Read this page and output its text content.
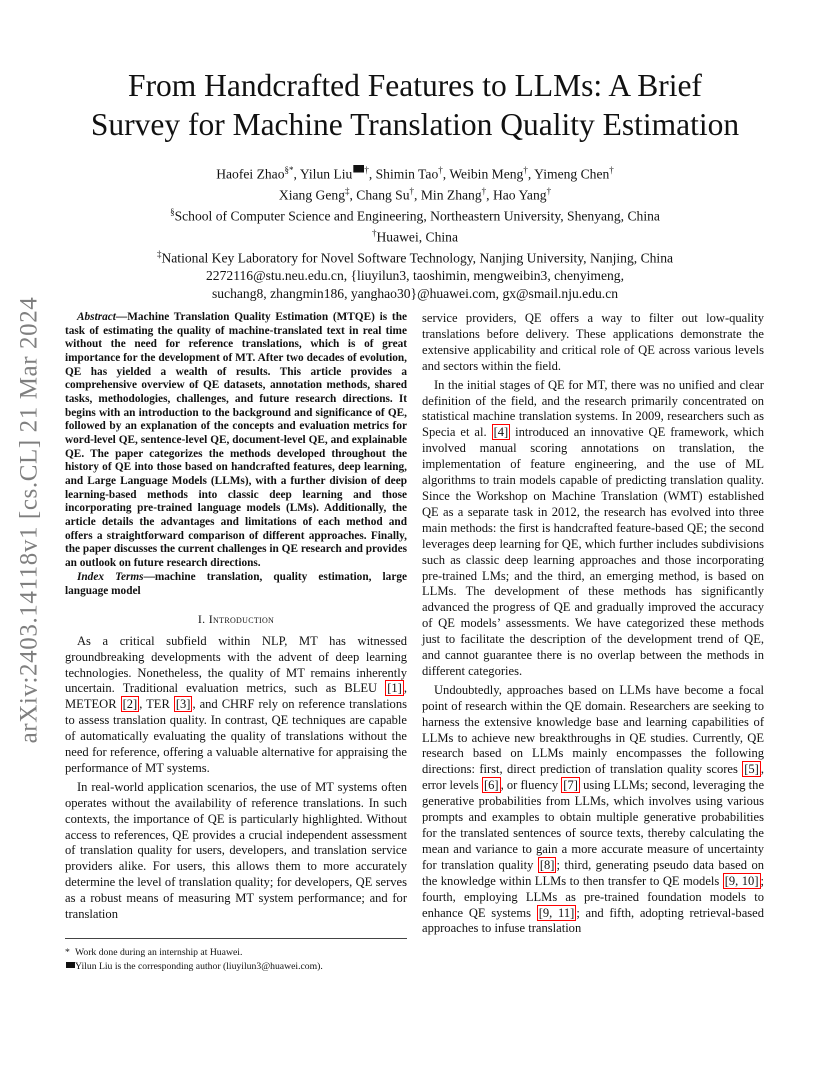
arXiv:2403.14118v1 [cs.CL] 21 Mar 2024
From Handcrafted Features to LLMs: A Brief
Survey for Machine Translation Quality Estimation
Haofei Zhao§*, Yilun Liu †, Shimin Tao†, Weibin Meng†, Yimeng Chen†
Xiang Geng‡, Chang Su†, Min Zhang†, Hao Yang†
§School of Computer Science and Engineering, Northeastern University, Shenyang, China
†Huawei, China
‡National Key Laboratory for Novel Software Technology, Nanjing University, Nanjing, China
2272116@stu.neu.edu.cn, {liuyilun3, taoshimin, mengweibin3, chenyimeng,
suchang8, zhangmin186, yanghao30}@huawei.com, gx@smail.nju.edu.cn

Abstract—Machine Translation Quality Estimation (MTQE) is the task of estimating the quality of machine-translated text in real time without the need for reference translations, which is of great importance for the development of MT. After two decades of evolution, QE has yielded a wealth of results. This article provides a comprehensive overview of QE datasets, annotation methods, shared tasks, methodologies, challenges, and future research directions. It begins with an introduction to the background and significance of QE, followed by an explanation of the concepts and evaluation metrics for word-level QE, sentence-level QE, document-level QE, and explainable QE. The paper categorizes the methods developed throughout the history of QE into those based on handcrafted features, deep learning, and Large Language Models (LLMs), with a further division of deep learning-based methods into classic deep learning and those incorporating pre-trained language models (LMs). Additionally, the article details the advantages and limitations of each method and offers a straightforward comparison of different approaches. Finally, the paper discusses the current challenges in QE research and provides an outlook on future research directions.

Index Terms—machine translation, quality estimation, large language model

I. Introduction

As a critical subfield within NLP, MT has witnessed groundbreaking developments with the advent of deep learning technologies. Nonetheless, the quality of MT remains inherently uncertain. Traditional evaluation metrics, such as BLEU [1] , METEOR [2] , TER [3] , and CHRF rely on reference translations to assess translation quality. In contrast, QE techniques are capable of automatically evaluating the quality of translations without the need for reference, offering a valuable alternative for appraising the performance of MT systems.

In real-world application scenarios, the use of MT systems often operates without the availability of reference translations. In such contexts, the importance of QE is particularly highlighted. Without access to references, QE provides a crucial independent assessment of translation quality for users, developers, and translation service providers alike. For users, this allows them to more accurately determine the level of translation quality; for developers, QE serves as a robust means of measuring MT system performance; and for translation

* Work done during an internship at Huawei.
Yilun Liu is the corresponding author (liuyilun3@huawei.com).

service providers, QE offers a way to filter out low-quality translations before delivery. These applications demonstrate the extensive applicability and critical role of QE across various levels and sectors within the field.

In the initial stages of QE for MT, there was no unified and clear definition of the field, and the research primarily concentrated on statistical machine translation systems. In 2009, researchers such as Specia et al. [4] introduced an innovative QE framework, which involved manual scoring annotations on translation, the implementation of feature engineering, and the use of ML algorithms to train models capable of predicting translation quality. Since the Workshop on Machine Translation (WMT) established QE as a separate task in 2012, the research has evolved into three main methods: the first is handcrafted feature-based QE; the second leverages deep learning for QE, which further includes subdivisions such as classic deep learning approaches and those incorporating pre-trained LMs; and the third, an emerging method, is based on LLMs. The development of these methods has significantly advanced the progress of QE and gradually improved the accuracy of QE models’ assessments. We have categorized these methods just to facilitate the description of the development trend of QE, and cannot guarantee there is no overlap between the methods in different categories.

Undoubtedly, approaches based on LLMs have become a focal point of research within the QE domain. Researchers are seeking to harness the extensive knowledge base and learning capabilities of LLMs to achieve new breakthroughs in QE studies. Currently, QE research based on LLMs mainly encompasses the following directions: first, direct prediction of translation quality scores [5] , error levels [6] , or fluency [7] using LLMs; second, leveraging the generative probabilities from LLMs, which involves using various prompts and examples to obtain multiple generative probabilities for the translated sentences of source texts, thereby calculating the mean and variance to gain a more accurate measure of uncertainty for translation quality [8] ; third, generating pseudo data based on the knowledge within LLMs to then transfer to QE models [9, 10] ; fourth, employing LLMs as pre-trained foundation models to enhance QE systems [9, 11] ; and fifth, adopting retrieval-based approaches to infuse translation
